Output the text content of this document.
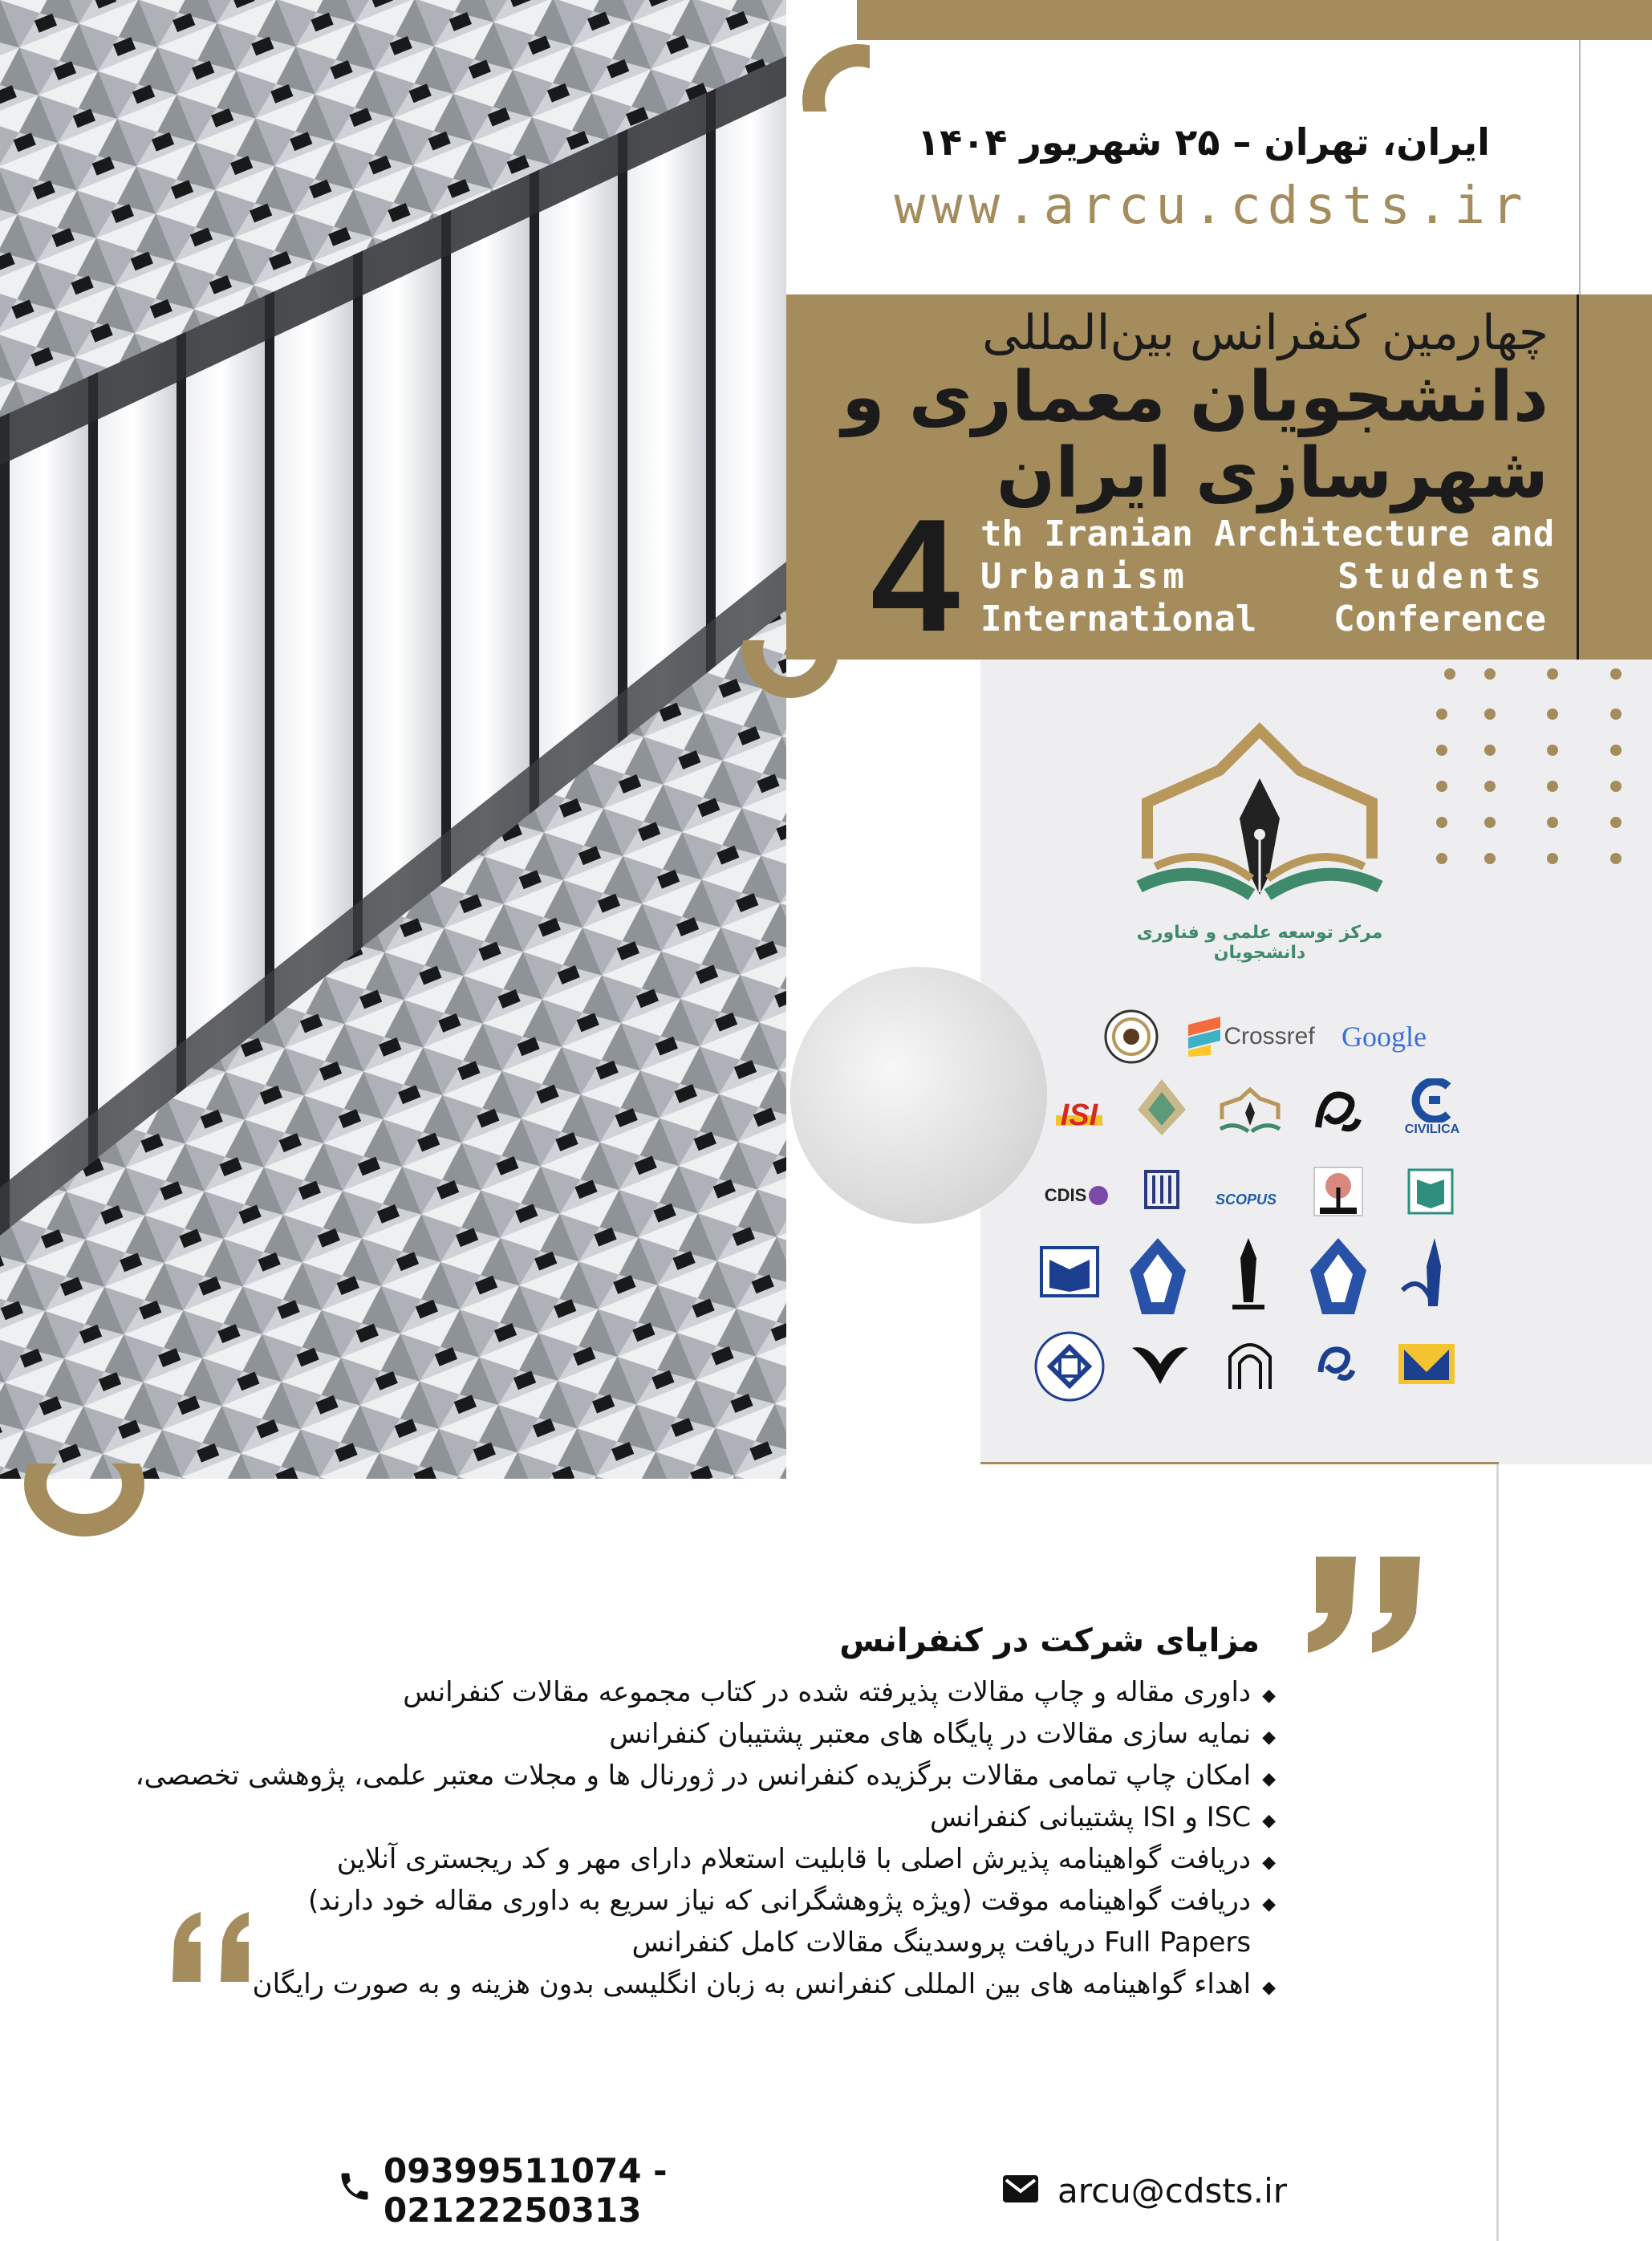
ایران، تهران – ۲۵ شهریور ۱۴۰۴
www.arcu.cdsts.ir
چهارمین کنفرانس بین‌المللی
دانشجویان معماری و
شهرسازی ایران
4 th Iranian Architecture and
Urbanism Students
International Conference
مرکز توسعه علمی و فناوری دانشجویان
Crossref Google
ISI	CIVILICA
CDIS	SCOPUS
مزایای شرکت در کنفرانس
◆داوری مقاله و چاپ مقالات پذیرفته شده در کتاب مجموعه مقالات کنفرانس
◆نمایه سازی مقالات در پایگاه های معتبر پشتیبان کنفرانس
◆امکان چاپ تمامی مقالات برگزیده کنفرانس در ژورنال ها و مجلات معتبر علمی، پژوهشی تخصصی،
◆ISC و ISI پشتیبانی کنفرانس
◆دریافت گواهینامه پذیرش اصلی با قابلیت استعلام دارای مهر و کد ریجستری آنلاین
◆دریافت گواهینامه موقت (ویژه پژوهشگرانی که نیاز سریع به داوری مقاله خود دارند)
Full Papers دریافت پروسدینگ مقالات کامل کنفرانس
◆اهداء گواهینامه های بین المللی کنفرانس به زبان انگلیسی بدون هزینه و به صورت رایگان
09399511074 - 02122250313	arcu@cdsts.ir
